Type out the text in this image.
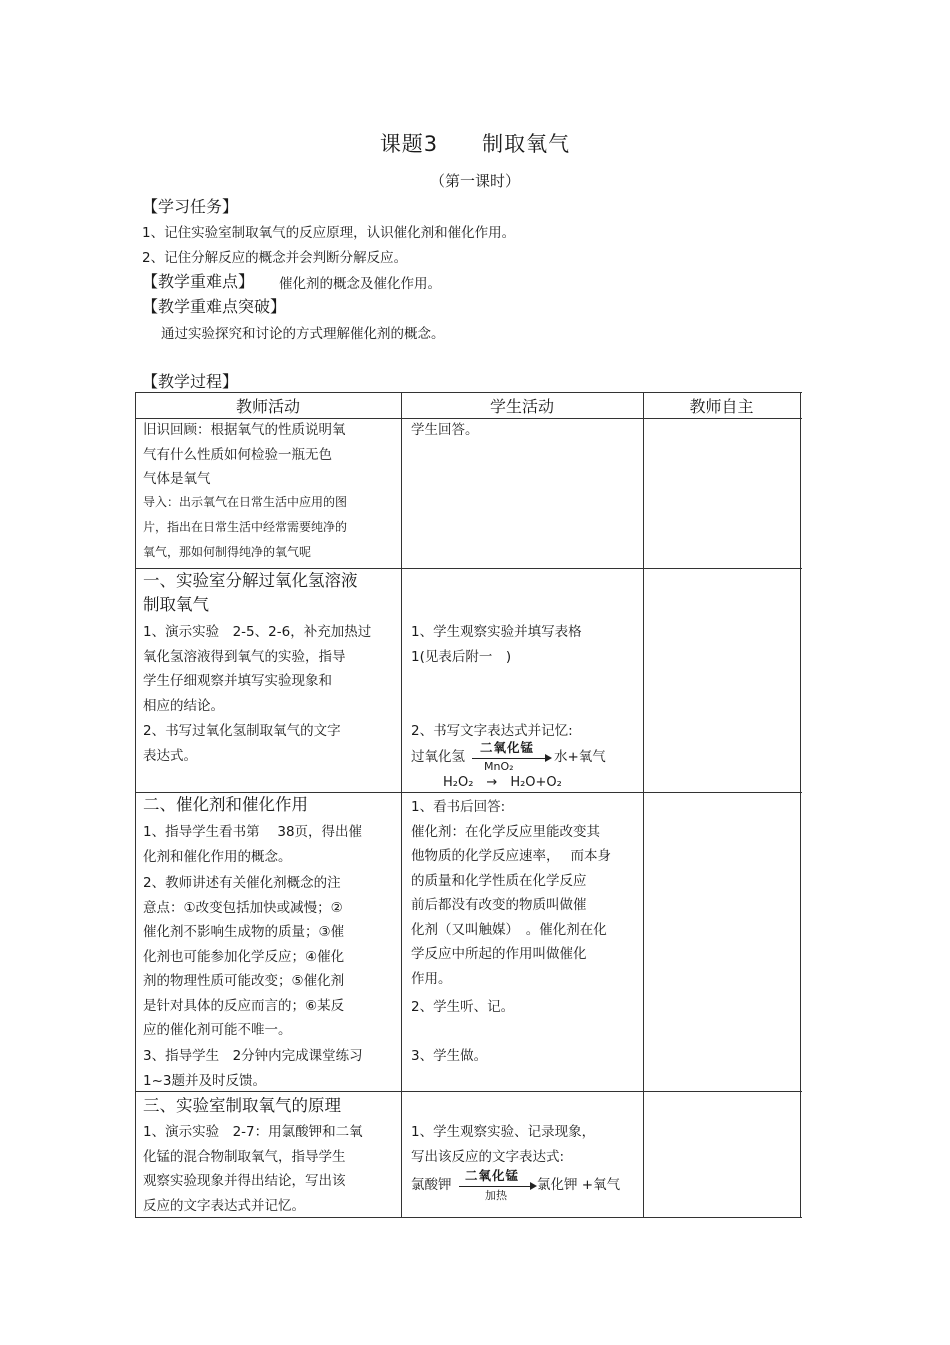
课题3　　制取氧气
（第一课时）
【学习任务】
1、记住实验室制取氧气的反应原理，认识催化剂和催化作用。
2、记住分解反应的概念并会判断分解反应。
【教学重难点】 催化剂的概念及催化作用。
【教学重难点突破】
通过实验探究和讨论的方式理解催化剂的概念。
【教学过程】
教师活动	学生活动	教师自主
旧识回顾：根据氧气的性质说明氧
气有什么性质如何检验一瓶无色
气体是氧气
导入：出示氧气在日常生活中应用的图
片，指出在日常生活中经常需要纯净的
氧气，那如何制得纯净的氧气呢
学生回答。
一、实验室分解过氧化氢溶液
制取氧气
1、演示实验　2-5、2-6，补充加热过
氧化氢溶液得到氧气的实验，指导
学生仔细观察并填写实验现象和
相应的结论。
2、书写过氧化氢制取氧气的文字
表达式。
1、学生观察实验并填写表格
1(见表后附一　)
2、书写文字表达式并记忆:
过氧化氢
二氧化锰
MnO₂
水+氧气
H₂O₂　→　H₂O+O₂
二、催化剂和催化作用
1、指导学生看书第　 38页，得出催
化剂和催化作用的概念。
2、教师讲述有关催化剂概念的注
意点：①改变包括加快或减慢；②
催化剂不影响生成物的质量；③催
化剂也可能参加化学反应；④催化
剂的物理性质可能改变；⑤催化剂
是针对具体的反应而言的；⑥某反
应的催化剂可能不唯一。
3、指导学生　2分钟内完成课堂练习
1~3题并及时反馈。
1、看书后回答:
催化剂：在化学反应里能改变其
他物质的化学反应速率，　 而本身
的质量和化学性质在化学反应
前后都没有改变的物质叫做催
化剂（又叫触媒）　。催化剂在化
学反应中所起的作用叫做催化
作用。
2、学生听、记。
3、学生做。
三、实验室制取氧气的原理
1、演示实验　2-7：用氯酸钾和二氧
化锰的混合物制取氧气，指导学生
观察实验现象并得出结论，写出该
反应的文字表达式并记忆。
1、学生观察实验、记录现象，
写出该反应的文字表达式:
氯酸钾
二氧化锰
加热
氯化钾 +氧气
